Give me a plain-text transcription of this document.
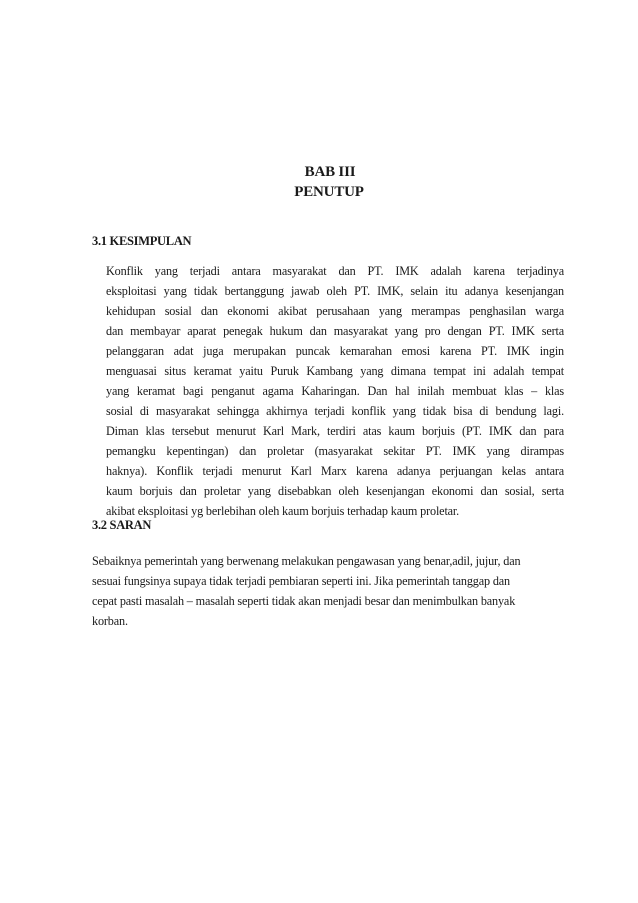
BAB III
PENUTUP
3.1 KESIMPULAN
Konflik yang terjadi antara masyarakat dan PT. IMK adalah karena terjadinya
eksploitasi yang tidak bertanggung jawab oleh PT. IMK, selain itu adanya kesenjangan
kehidupan sosial dan ekonomi akibat perusahaan yang merampas penghasilan warga
dan membayar aparat penegak hukum dan masyarakat yang pro dengan PT. IMK serta
pelanggaran adat juga merupakan puncak kemarahan emosi karena PT. IMK ingin
menguasai situs keramat yaitu Puruk Kambang yang dimana tempat ini adalah tempat
yang keramat bagi penganut agama Kaharingan. Dan hal inilah membuat klas – klas
sosial di masyarakat sehingga akhirnya terjadi konflik yang tidak bisa di bendung lagi.
Diman klas tersebut menurut Karl Mark, terdiri atas kaum borjuis (PT. IMK dan para
pemangku kepentingan) dan proletar (masyarakat sekitar PT. IMK yang dirampas
haknya). Konflik terjadi menurut Karl Marx karena adanya perjuangan kelas antara
kaum borjuis dan proletar yang disebabkan oleh kesenjangan ekonomi dan sosial, serta
akibat eksploitasi yg berlebihan oleh kaum borjuis terhadap kaum proletar.
3.2 SARAN
Sebaiknya pemerintah yang berwenang melakukan pengawasan yang benar,adil, jujur, dan
sesuai fungsinya supaya tidak terjadi pembiaran seperti ini. Jika pemerintah tanggap dan
cepat pasti masalah – masalah seperti tidak akan menjadi besar dan menimbulkan banyak
korban.
